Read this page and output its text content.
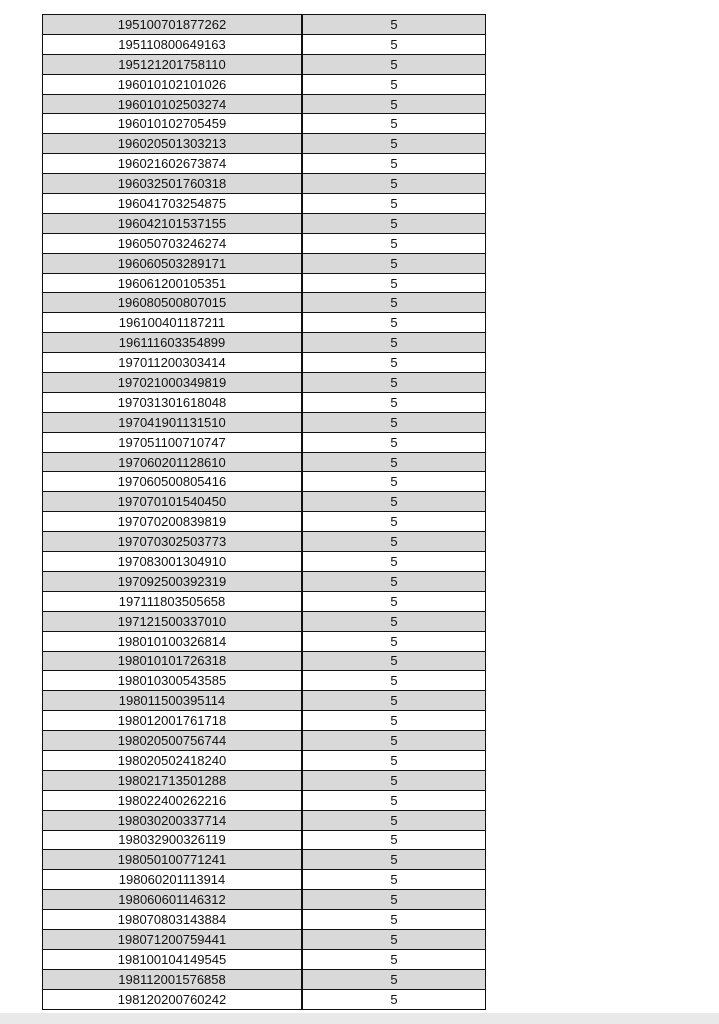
195100701877262	5
195110800649163	5
195121201758110	5
196010102101026	5
196010102503274	5
196010102705459	5
196020501303213	5
196021602673874	5
196032501760318	5
196041703254875	5
196042101537155	5
196050703246274	5
196060503289171	5
196061200105351	5
196080500807015	5
196100401187211	5
196111603354899	5
197011200303414	5
197021000349819	5
197031301618048	5
197041901131510	5
197051100710747	5
197060201128610	5
197060500805416	5
197070101540450	5
197070200839819	5
197070302503773	5
197083001304910	5
197092500392319	5
197111803505658	5
197121500337010	5
198010100326814	5
198010101726318	5
198010300543585	5
198011500395114	5
198012001761718	5
198020500756744	5
198020502418240	5
198021713501288	5
198022400262216	5
198030200337714	5
198032900326119	5
198050100771241	5
198060201113914	5
198060601146312	5
198070803143884	5
198071200759441	5
198100104149545	5
198112001576858	5
198120200760242	5
